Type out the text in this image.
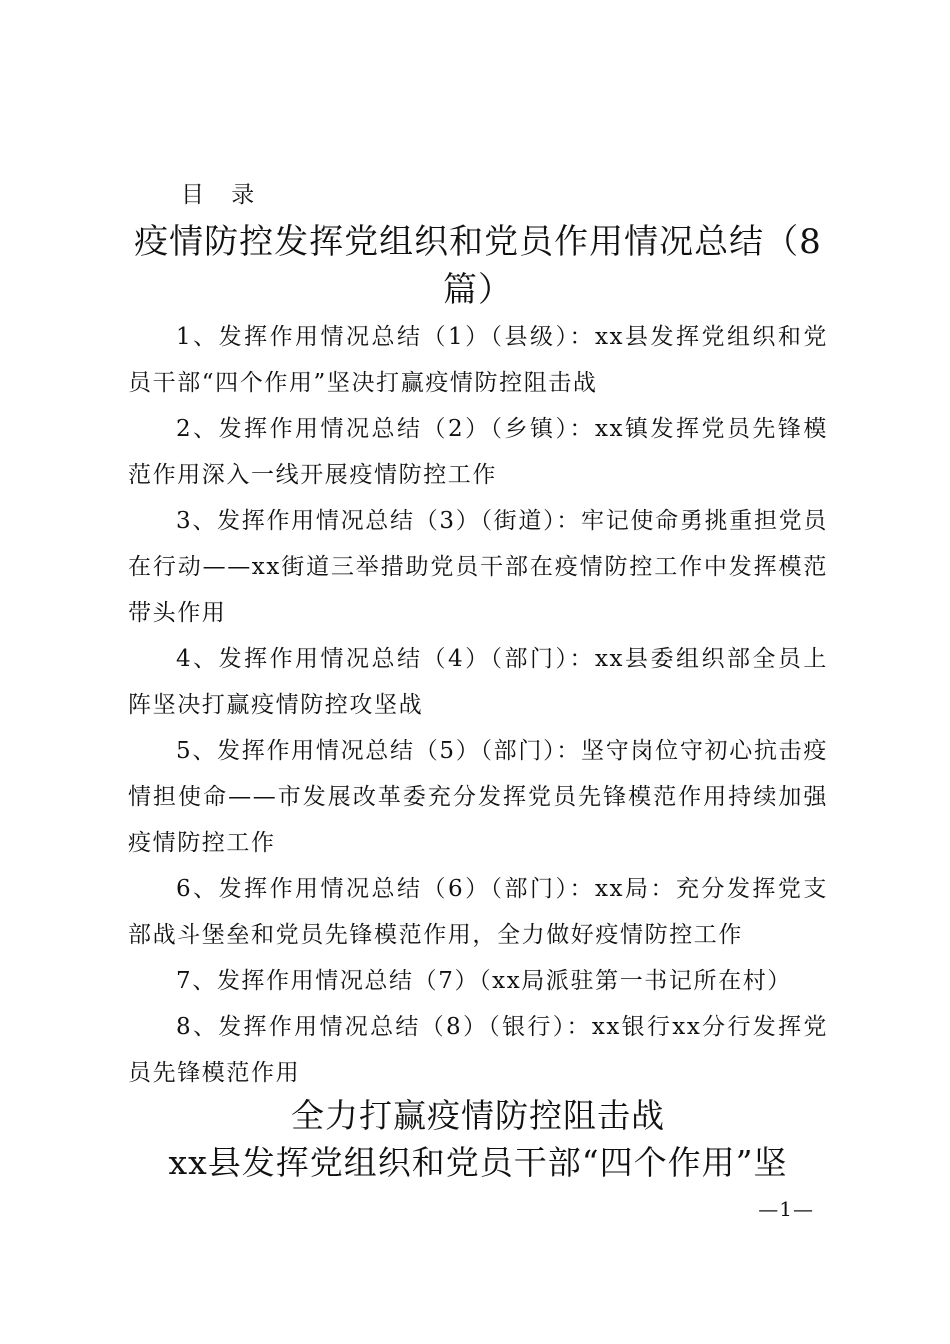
目 录
疫情防控发挥党组织和党员作用情况总结（8篇）
1、发挥作用情况总结（1）（县级）：xx县发挥党组织和党员干部“四个作用”坚决打赢疫情防控阻击战
2、发挥作用情况总结（2）（乡镇）：xx镇发挥党员先锋模范作用深入一线开展疫情防控工作
3、发挥作用情况总结（3）（街道）：牢记使命勇挑重担党员在行动——xx街道三举措助党员干部在疫情防控工作中发挥模范带头作用
4、发挥作用情况总结（4）（部门）：xx县委组织部全员上阵坚决打赢疫情防控攻坚战
5、发挥作用情况总结（5）（部门）：坚守岗位守初心抗击疫情担使命——市发展改革委充分发挥党员先锋模范作用持续加强疫情防控工作
6、发挥作用情况总结（6）（部门）：xx局：充分发挥党支部战斗堡垒和党员先锋模范作用，全力做好疫情防控工作
7、发挥作用情况总结（7）（xx局派驻第一书记所在村）
8、发挥作用情况总结（8）（银行）：xx银行xx分行发挥党员先锋模范作用
全力打赢疫情防控阻击战
xx县发挥党组织和党员干部“四个作用”坚
—1—
